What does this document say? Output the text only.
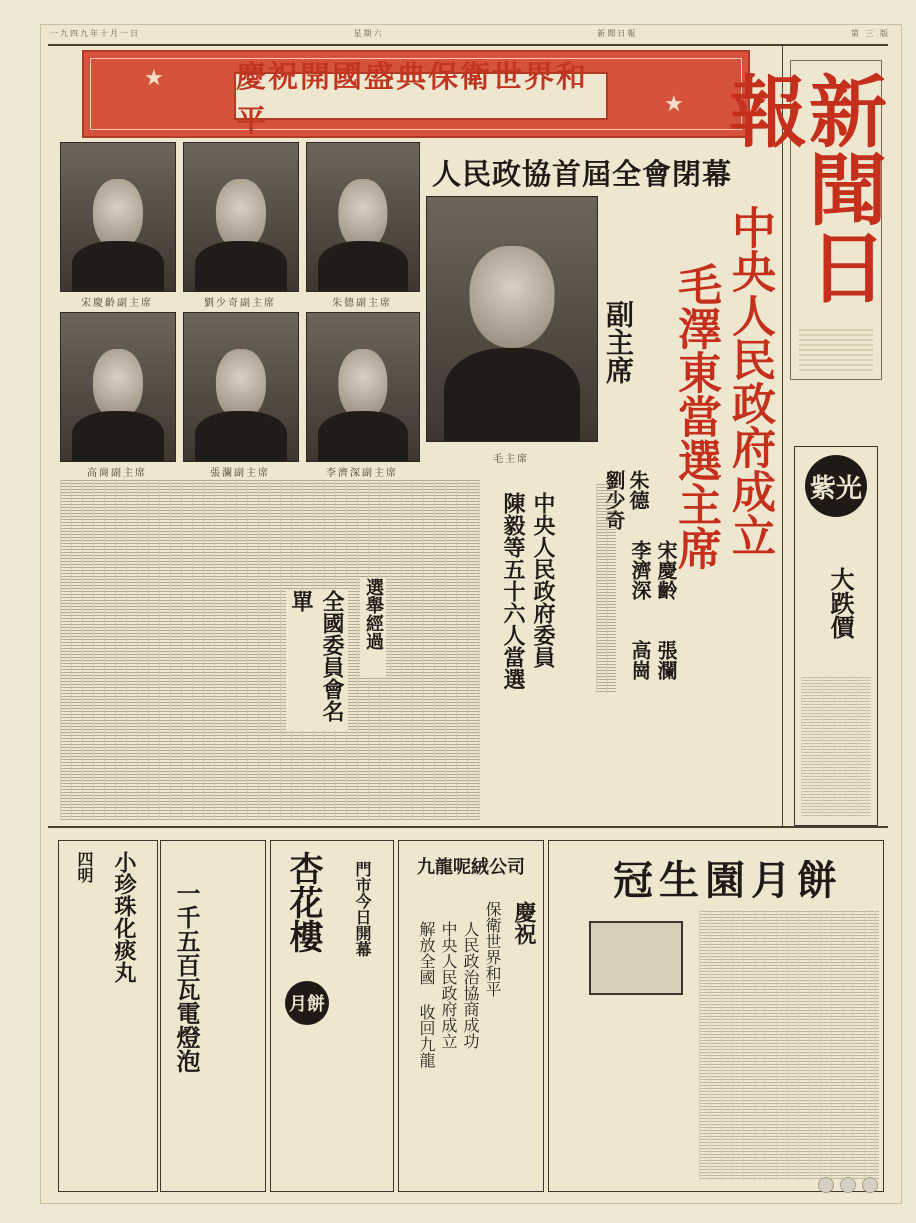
一九四九年十月一日	星期六	新聞日報	第 三 版
★
★
慶祝開國盛典保衛世界和平	新聞日報
人民政協首屆全會閉幕
宋慶齡副主席	劉少奇副主席	朱德副主席
高崗副主席	張瀾副主席	李濟深副主席
毛主席	中央人民政府成立
毛澤東當選主席
副主席
朱德
劉少奇
宋慶齡
李濟深
張瀾
高崗
中央人民政府委員
陳毅等五十六人當選
全國委員會名單	選舉經過
紫光
大跌價
冠生園月餅
九龍呢絨公司
慶祝
保衛世界和平
人民政治協商成功
中央人民政府成立
解放全國 收回九龍
杏花樓
月餅
門市今日開幕
一千五百瓦電燈泡
小珍珠化痰丸
四明
